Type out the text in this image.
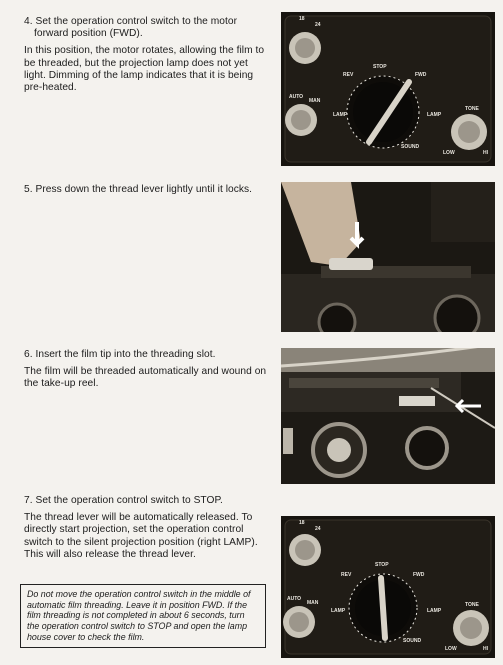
4. Set the operation control switch to the motor forward position (FWD).

In this position, the motor rotates, allowing the film to be threaded, but the projection lamp does not yet light. Dimming of the lamp indicates that it is being pre-heated.

5. Press down the thread lever lightly until it locks.

6. Insert the film tip into the threading slot.

The film will be threaded automatically and wound on the take-up reel.

7. Set the operation control switch to STOP.

The thread lever will be automatically released. To directly start projection, set the operation control switch to the silent projection position (right LAMP). This will also release the thread lever.

Do not move the operation control switch in the middle of automatic film threading. Leave it in position FWD. If the film threading is not completed in about 6 seconds, turn the operation control switch to STOP and open the lamp house cover to check the film.
18
24
STOP
REV	FWD
LAMP	LAMP
SOUND
AUTO
MAN
TONE
LOW	HI
18
24
STOP
REV	FWD
LAMP	LAMP
SOUND
AUTO
MAN	TONE
LOW	HI
